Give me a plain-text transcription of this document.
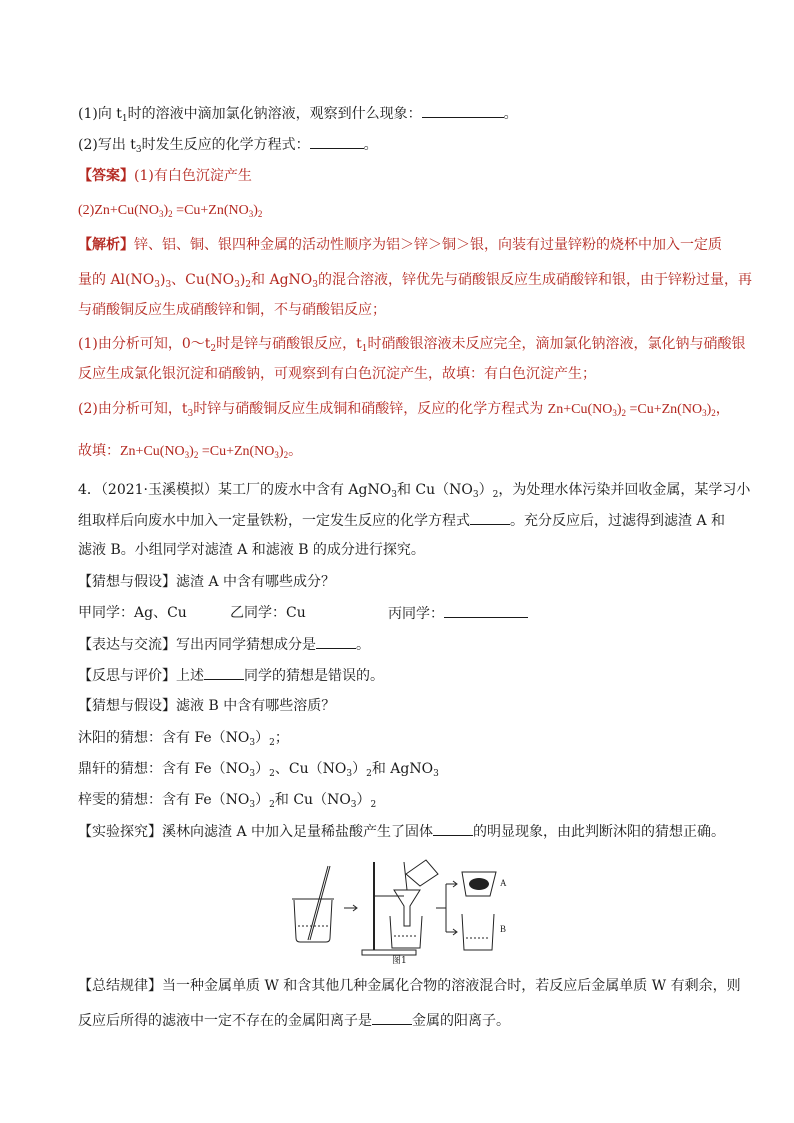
(1)向 $t_1$时的溶液中滴加氯化钠溶液，观察到什么现象：	。
(2)写出 $t_3$时发生反应的化学方程式：	。
【答案】(1)有白色沉淀产生
$(2)Zn+Cu(NO_3)_2 =Cu+Zn(NO_3)_2$
【解析】锌、铝、铜、银四种金属的活动性顺序为铝＞锌＞铜＞银，向装有过量锌粉的烧杯中加入一定质
量的 $Al(NO_3)_3$、$Cu(NO_3)_2$和 AgNO$_3$的混合溶液，锌优先与硝酸银反应生成硝酸锌和银，由于锌粉过量，再
与硝酸铜反应生成硝酸锌和铜，不与硝酸铝反应；
(1)由分析可知，$0\sim t_2$时是锌与硝酸银反应，$t_1$时硝酸银溶液未反应完全，滴加氯化钠溶液，氯化钠与硝酸银
反应生成氯化银沉淀和硝酸钠，可观察到有白色沉淀产生，故填：有白色沉淀产生；
(2)由分析可知，$t_3$时锌与硝酸铜反应生成铜和硝酸锌，反应的化学方程式为 $Zn+Cu(NO_3)_2 =Cu+Zn(NO_3)_2$，
故填：$Zn+Cu(NO_3)_2 =Cu+Zn(NO_3)_2$。
4．（2021·玉溪模拟）某工厂的废水中含有 AgNO$_3$和 $Cu(NO_3)_2$，为处理水体污染并回收金属，某学习小
组取样后向废水中加入一定量铁粉，一定发生反应的化学方程式	。充分反应后，过滤得到滤渣 A 和
滤液 B。小组同学对滤渣 A 和滤液 B 的成分进行探究。
【猜想与假设】滤渣 A 中含有哪些成分？
甲同学：Ag、Cu	乙同学：Cu	丙同学：
【表达与交流】写出丙同学猜想成分是	。
【反思与评价】上述	同学的猜想是错误的。
【猜想与假设】滤液 B 中含有哪些溶质？
沐阳的猜想：含有 $Fe(NO_3)_2$；
鼎轩的猜想：含有 $Fe(NO_3)_2$、$Cu(NO_3)_2$和 AgNO$_3$
梓雯的猜想：含有 $Fe(NO_3)_2$和 $Cu(NO_3)_2$
【实验探究】溪林向滤渣 A 中加入足量稀盐酸产生了固体	的明显现象，由此判断沐阳的猜想正确。
A
B
图1
【总结规律】当一种金属单质 W 和含其他几种金属化合物的溶液混合时，若反应后金属单质 W 有剩余，则
反应后所得的滤液中一定不存在的金属阳离子是	金属的阳离子。
